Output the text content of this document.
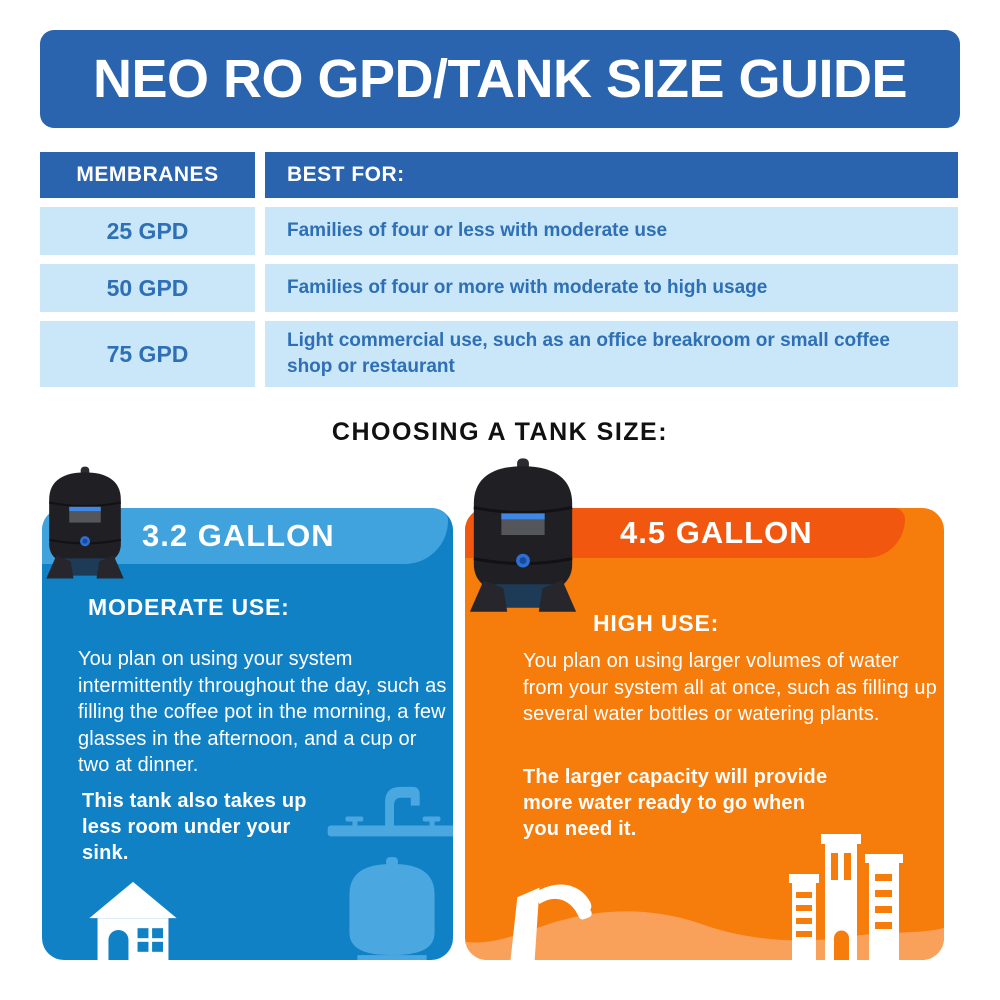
NEO RO GPD/TANK SIZE GUIDE
MEMBRANES	BEST FOR:
25 GPD	Families of four or less with moderate use
50 GPD	Families of four or more with moderate to high usage
75 GPD	Light commercial use, such as an office breakroom or small coffee shop or restaurant
CHOOSING A TANK SIZE:
3.2 GALLON
MODERATE USE:

You plan on using your system intermittently throughout the day, such as filling the coffee pot in the morning, a few glasses in the afternoon, and a cup or two at dinner.

This tank also takes up less room under your sink.

4.5 GALLON
HIGH USE:

You plan on using larger volumes of water from your system all at once, such as filling up several water bottles or watering plants.

The larger capacity will provide more water ready to go when you need it.
